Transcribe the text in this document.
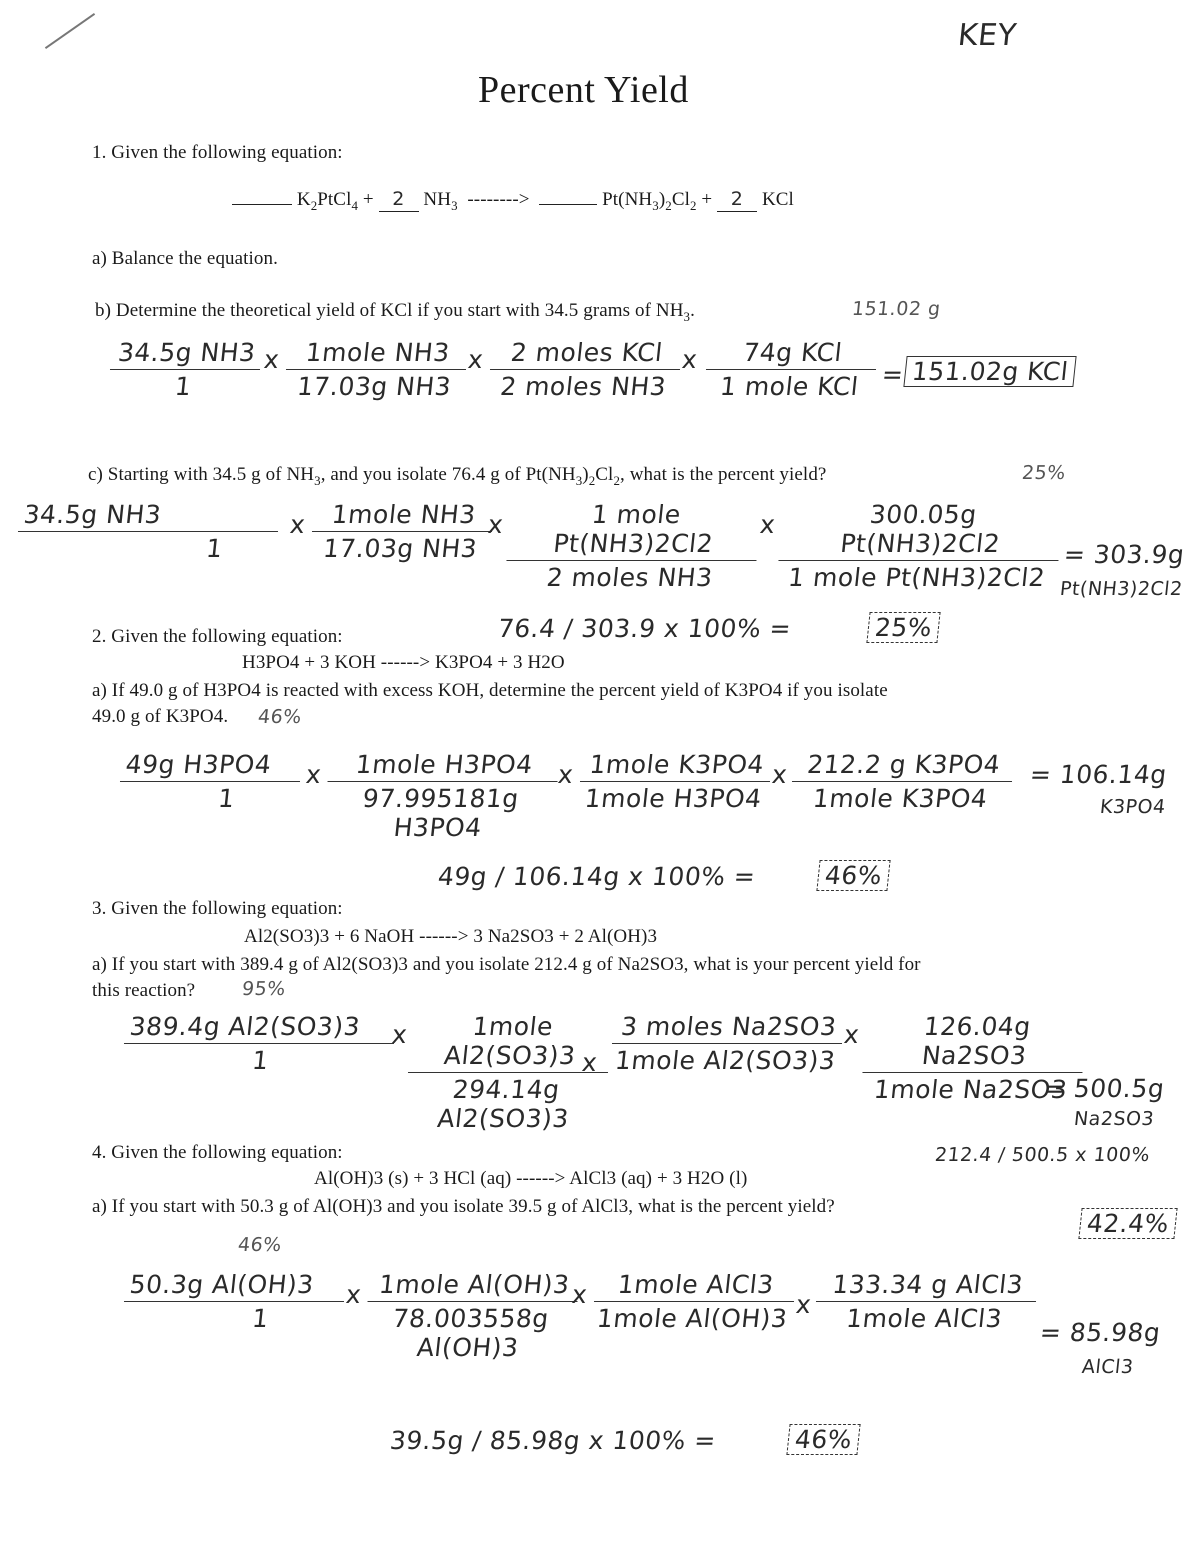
KEY
Percent Yield
1. Given the following equation:
$K_2PtCl_4 + 2$ $NH_3$ -------->	$Pt(NH_3)_2Cl_2 + 2$ KCl
a) Balance the equation.
b) Determine the theoretical yield of KCl if you start with 34.5 grams of $NH_3$.	151.02 g
$\frac{\text{34.5g NH3}}{1}$ x 1mole NH3
17.03g NH3
x 2 moles KCl
2 moles NH3
x	74g KCl
1 mole KCl = 151.02g KCl
c) Starting with 34.5 g of $NH_3$, and you isolate 76.4 g of $Pt(NH_3)_2Cl_2$, what is the percent yield?	25%
$\frac{\text{34.5g NH3}}{1}$ x 1mole NH3
17.03g NH3
x	1 mole Pt(NH3)2Cl2
2 moles NH3
x	300.05g Pt(NH3)2Cl2
1 mole Pt(NH3)2Cl2
= 303.9g
Pt(NH3)2Cl2
76.4 / 303.9 x 100% =	25%
2. Given the following equation:
H3PO4 + 3 KOH ------> K3PO4 + 3 H2O
a) If 49.0 g of H3PO4 is reacted with excess KOH, determine the percent yield of K3PO4 if you isolate
49.0 g of K3PO4. 46%
$\frac{\text{49g H3PO4}}{1}$ x	1mole H3PO4
97.995181g H3PO4
x 1mole K3PO4
1mole H3PO4
x 212.2 g K3PO4
1mole K3PO4
= 106.14g
K3PO4
49g / 106.14g x 100% =	46%
3. Given the following equation:
Al2(SO3)3 + 6 NaOH ------> 3 Na2SO3 + 2 Al(OH)3
a) If you start with 389.4 g of Al2(SO3)3 and you isolate 212.4 g of Na2SO3, what is your percent yield for
this reaction? 95%
$\frac{\text{389.4g Al2(SO3)3}}{1}$
x	1mole Al2(SO3)3
294.14g Al2(SO3)3
x
3 moles Na2SO3
1mole Al2(SO3)3
x	126.04g Na2SO3
1mole Na2SO3
= 500.5g
Na2SO3
4. Given the following equation:
Al(OH)3 (s) + 3 HCl (aq) ------> AlCl3 (aq) + 3 H2O (l)
212.4 / 500.5 x 100%
a) If you start with 50.3 g of Al(OH)3 and you isolate 39.5 g of AlCl3, what is the percent yield?
46%
42.4%
$\frac{\text{50.3g Al(OH)3}}{1}$
x 1mole Al(OH)3
78.003558g Al(OH)3
x	1mole AlCl3
1mole Al(OH)3 x
133.34 g AlCl3
1mole AlCl3	= 85.98g
AlCl3
39.5g / 85.98g x 100% =	46%
